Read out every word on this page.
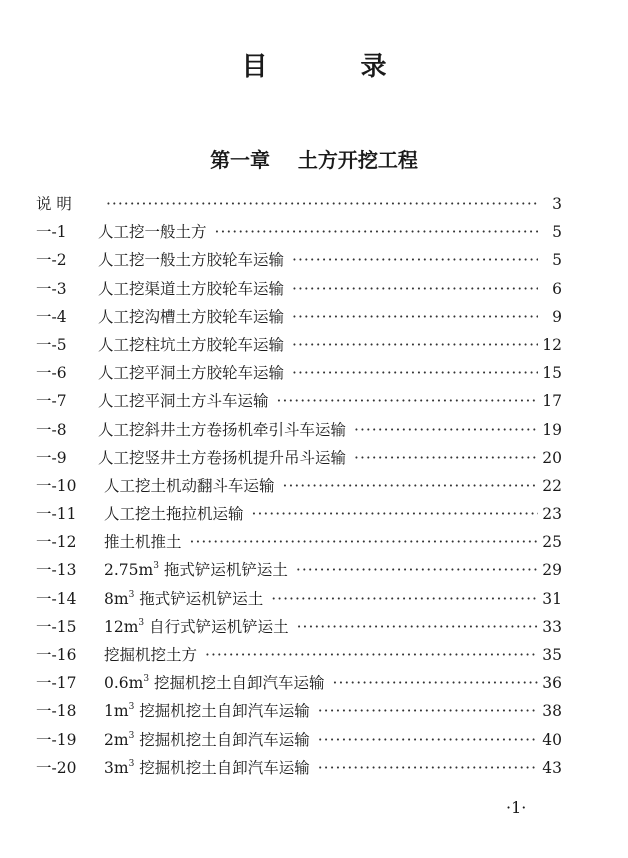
目 录
第一章    土方开挖工程
说 明 ·····	3
一-1	人工挖一般土方 ·····	5
一-2	人工挖一般土方胶轮车运输 ·····	5
一-3	人工挖渠道土方胶轮车运输 ·····	6
一-4	人工挖沟槽土方胶轮车运输 ·····	9
一-5	人工挖柱坑土方胶轮车运输 ·····	12
一-6	人工挖平洞土方胶轮车运输 ·····	15
一-7	人工挖平洞土方斗车运输 ·····	17
一-8	人工挖斜井土方卷扬机牵引斗车运输 ·····	19
一-9	人工挖竖井土方卷扬机提升吊斗运输 ·····	20
一-10	人工挖土机动翻斗车运输 ·····	22
一-11	人工挖土拖拉机运输 ·····	23
一-12	推土机推土 ·····	25
一-13	$2.75m^3$ 拖式铲运机铲运土 ·····	29
一-14	$8m^3$ 拖式铲运机铲运土 ·····	31
一-15	$12m^3$ 自行式铲运机铲运土 ·····	33
一-16	挖掘机挖土方 ·····	35
一-17	$0.6m^3$ 挖掘机挖土自卸汽车运输 ·····	36
一-18	$1m^3$ 挖掘机挖土自卸汽车运输 ·····	38
一-19	$2m^3$ 挖掘机挖土自卸汽车运输 ·····	40
一-20	$3m^3$ 挖掘机挖土自卸汽车运输 ·····	43
·1·
